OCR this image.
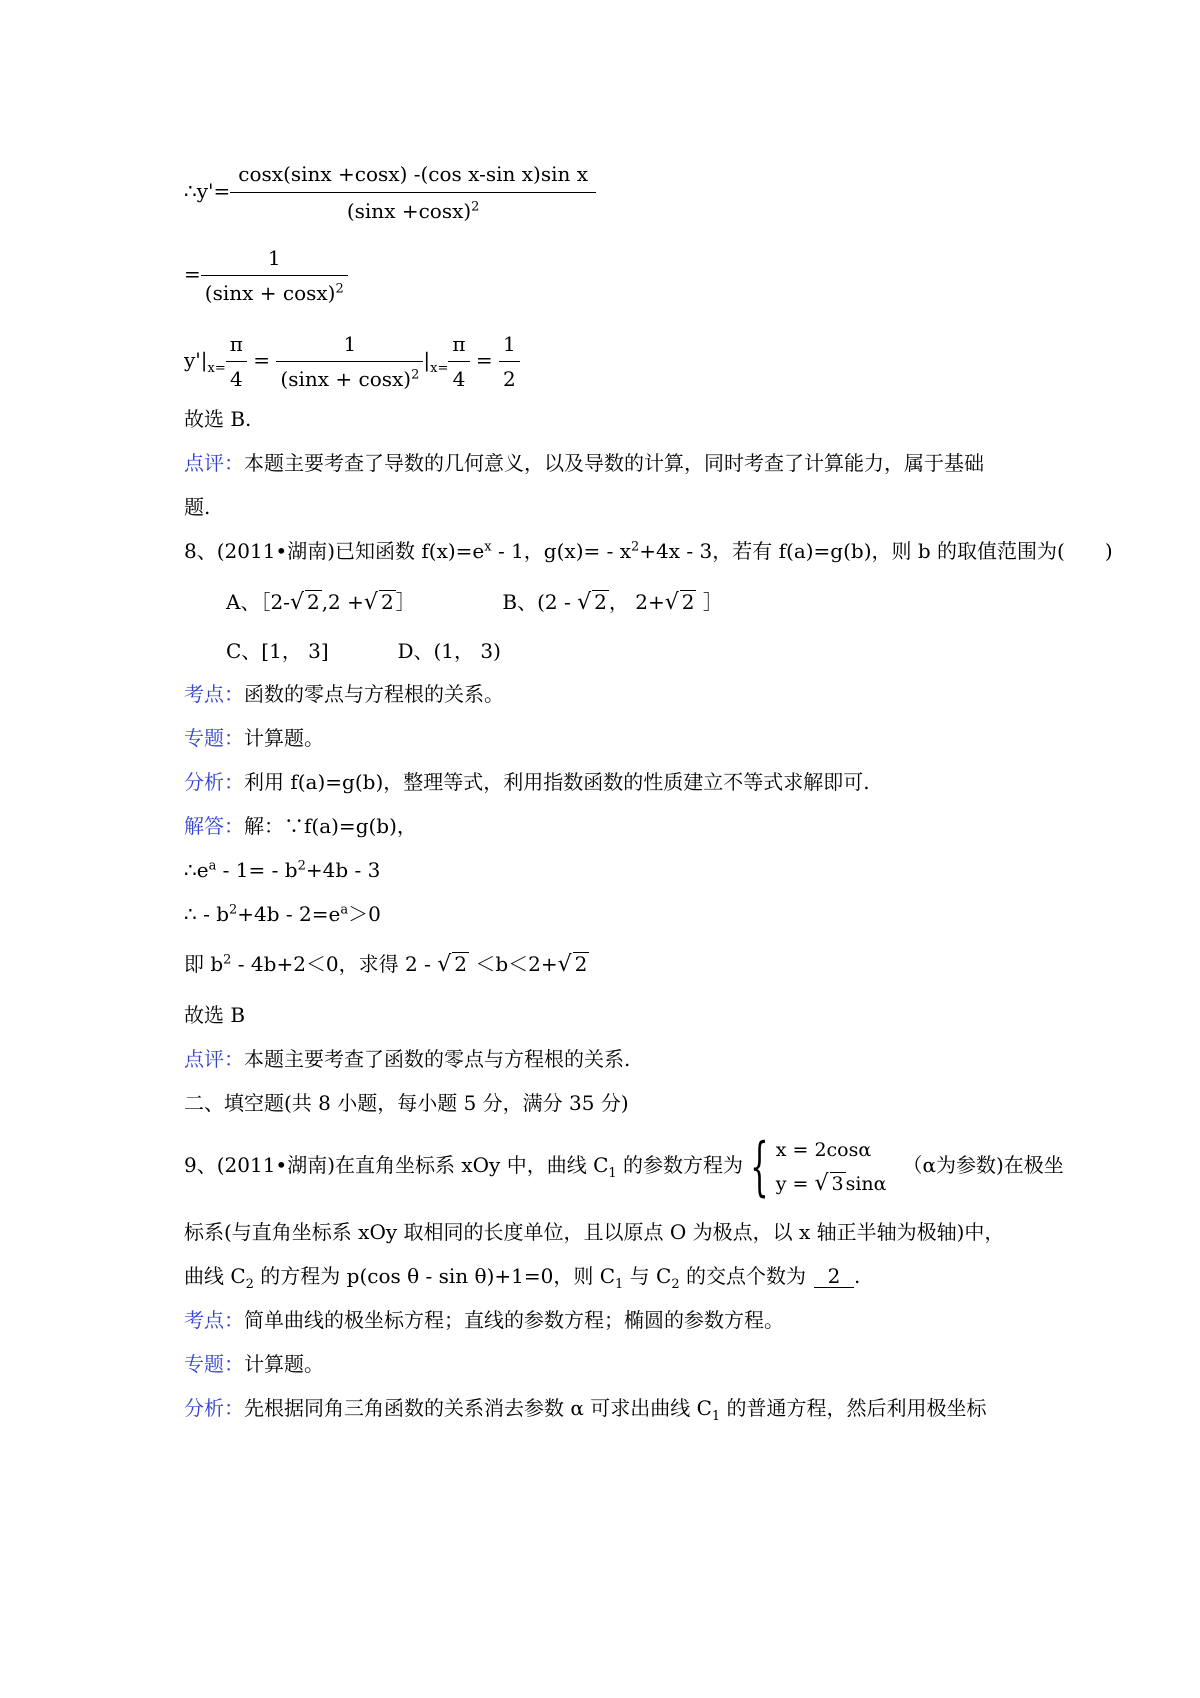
∴y'= $\frac{\text{cosx(sinx +cosx) -(cos x-sin x)sin x}}{(\sin x +\cos x)^2}$
= $\frac{1}{(\sin x + \cos x)^2}$
$y'|_{x=} \frac{\pi}{4} = \frac{1}{(\sin x + \cos x)^2} |_{x=} \frac{\pi}{4} = \frac{1}{2}$
故选 B.
点评：本题主要考查了导数的几何意义，以及导数的计算，同时考查了计算能力，属于基础
题.
8、(2011•湖南)已知函数 $f(x)=e^x - 1$，$g(x)= - x^2+4x - 3$，若有 f(a)=g(b)，则 b 的取值范围为(　　)
A、［2-√ 2 ,2 +√ 2 ］	B、(2 - √ 2 ， 2+√ 2 ］
C、[1， 3]	D、(1， 3)
考点：函数的零点与方程根的关系。
专题：计算题。
分析：利用 f(a)=g(b)，整理等式，利用指数函数的性质建立不等式求解即可.
解答：解：∵f(a)=g(b)，
$\therefore e^a - 1= - b^2+4b - 3$
∴ - $b^2+4b - 2=e^a>0$
即 $b^2 - 4b+2<0$，求得 2 - √ 2 ＜b＜2+√ 2
故选 B
点评：本题主要考查了函数的零点与方程根的关系.
二、填空题(共 8 小题，每小题 5 分，满分 35 分)
9、(2011•湖南)在直角坐标系 xOy 中，曲线 $C_1$ 的参数方程为 { x = 2cosα
y = √ 3 sinα
（α为参数)在极坐
标系(与直角坐标系 xOy 取相同的长度单位，且以原点 O 为极点，以 x 轴正半轴为极轴)中，
曲线 $C_2$ 的方程为 p(cos θ - sin θ)+1=0，则 $C_1$ 与 $C_2$ 的交点个数为 2 .
考点：简单曲线的极坐标方程；直线的参数方程；椭圆的参数方程。
专题：计算题。
分析：先根据同角三角函数的关系消去参数 α 可求出曲线 $C_1$ 的普通方程，然后利用极坐标
